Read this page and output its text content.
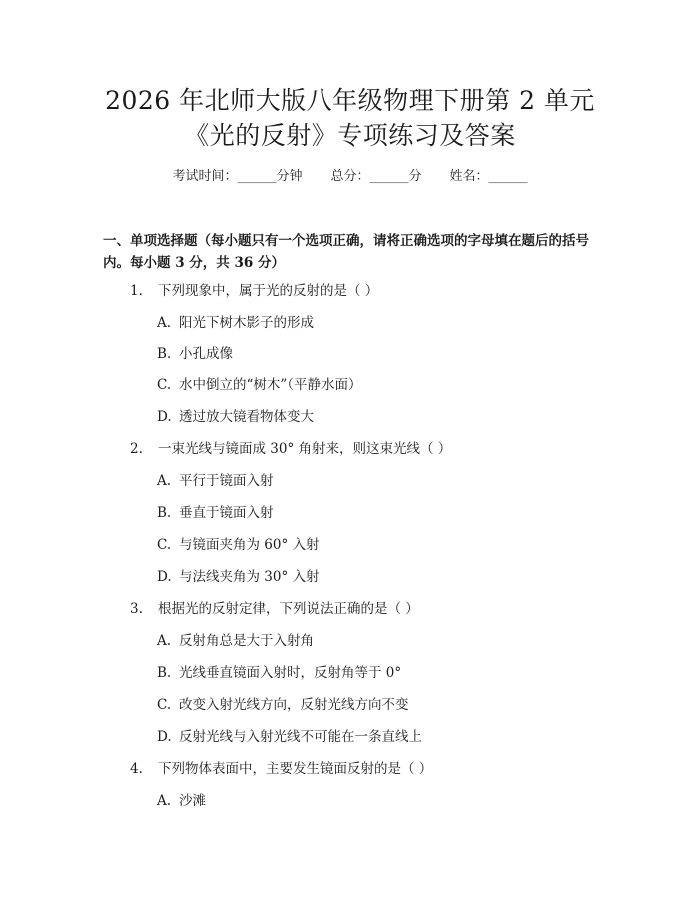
2026 年北师大版八年级物理下册第 2 单元
《光的反射》专项练习及答案
考试时间：______分钟 总分：______分 姓名：______
一、单项选择题（每小题只有一个选项正确，请将正确选项的字母填在题后的括号内。每小题 3 分，共 36 分）
1. 下列现象中，属于光的反射的是（ ）
A. 阳光下树木影子的形成
B. 小孔成像
C. 水中倒立的“树木”（平静水面）
D. 透过放大镜看物体变大
2. 一束光线与镜面成 30° 角射来，则这束光线（ ）
A. 平行于镜面入射
B. 垂直于镜面入射
C. 与镜面夹角为 60° 入射
D. 与法线夹角为 30° 入射
3. 根据光的反射定律，下列说法正确的是（ ）
A. 反射角总是大于入射角
B. 光线垂直镜面入射时，反射角等于 0°
C. 改变入射光线方向，反射光线方向不变
D. 反射光线与入射光线不可能在一条直线上
4. 下列物体表面中，主要发生镜面反射的是（ ）
A. 沙滩
